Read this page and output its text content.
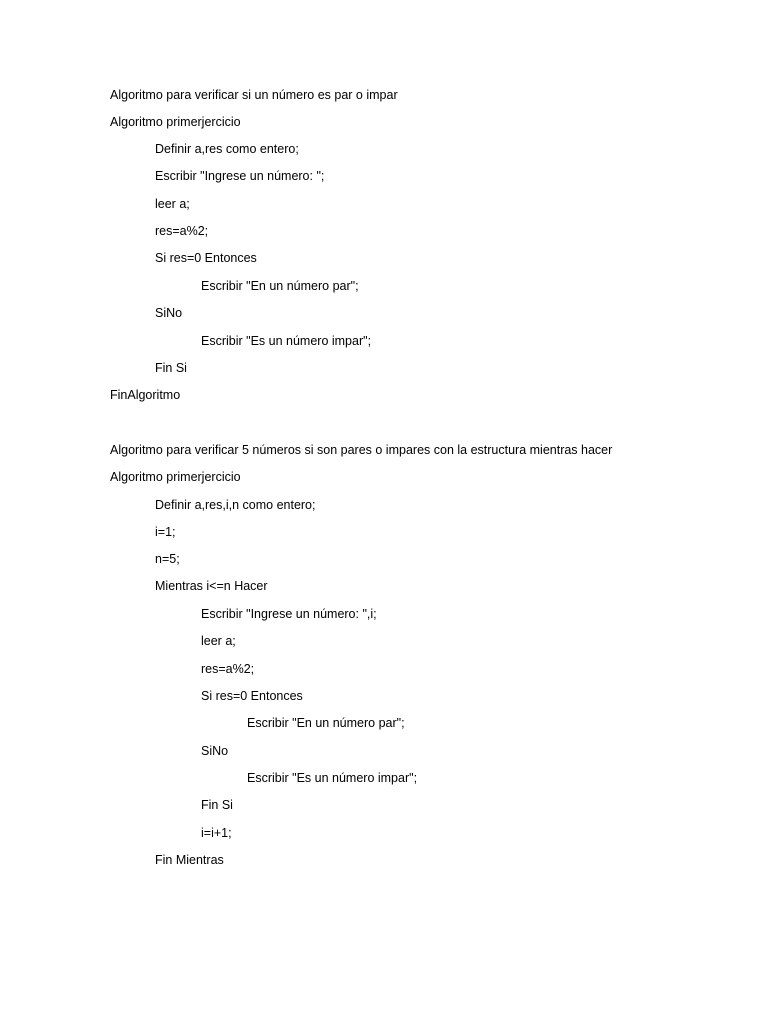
Algoritmo para verificar si un número es par o impar
Algoritmo primerjercicio
Definir a,res como entero;
Escribir "Ingrese un número: ";
leer a;
res=a%2;
Si res=0 Entonces
Escribir "En un número par";
SiNo
Escribir "Es un número impar";
Fin Si
FinAlgoritmo
Algoritmo para verificar 5 números si son pares o impares con la estructura mientras hacer
Algoritmo primerjercicio
Definir a,res,i,n como entero;
i=1;
n=5;
Mientras i<=n Hacer
Escribir "Ingrese un número: ",i;
leer a;
res=a%2;
Si res=0 Entonces
Escribir "En un número par";
SiNo
Escribir "Es un número impar";
Fin Si
i=i+1;
Fin Mientras
